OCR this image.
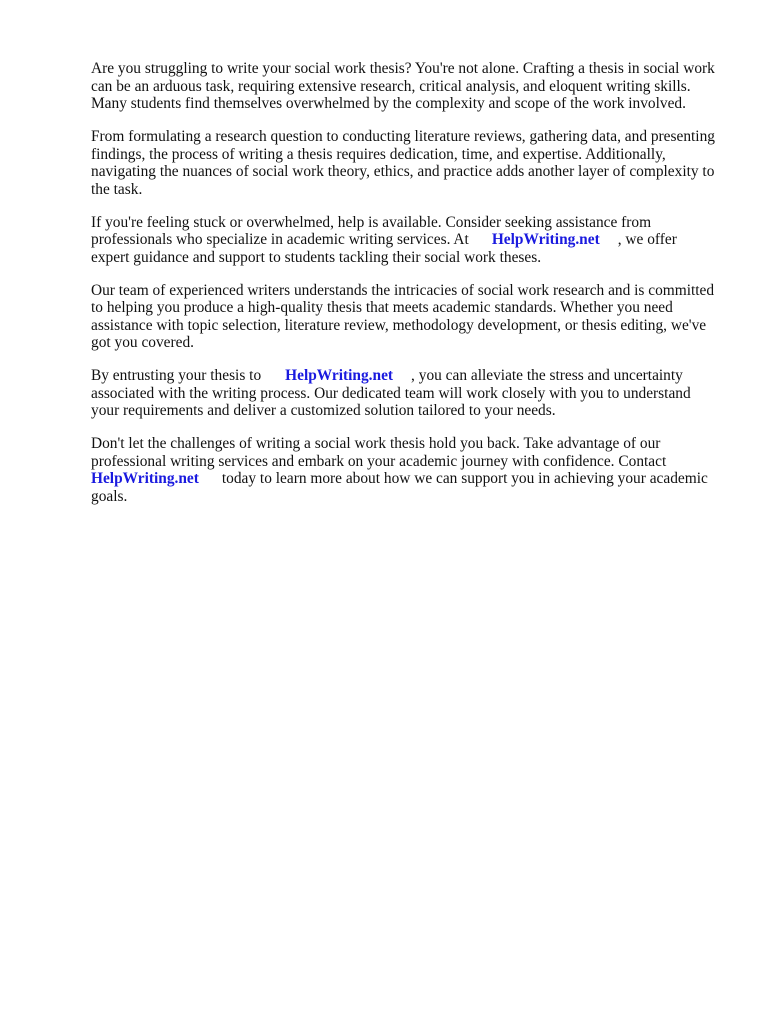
Are you struggling to write your social work thesis? You're not alone. Crafting a thesis in social work
can be an arduous task, requiring extensive research, critical analysis, and eloquent writing skills.
Many students find themselves overwhelmed by the complexity and scope of the work involved.
From formulating a research question to conducting literature reviews, gathering data, and presenting
findings, the process of writing a thesis requires dedication, time, and expertise. Additionally,
navigating the nuances of social work theory, ethics, and practice adds another layer of complexity to
the task.
If you're feeling stuck or overwhelmed, help is available. Consider seeking assistance from
professionals who specialize in academic writing services. At HelpWriting.net , we offer
expert guidance and support to students tackling their social work theses.
Our team of experienced writers understands the intricacies of social work research and is committed
to helping you produce a high-quality thesis that meets academic standards. Whether you need
assistance with topic selection, literature review, methodology development, or thesis editing, we've
got you covered.
By entrusting your thesis to HelpWriting.net , you can alleviate the stress and uncertainty
associated with the writing process. Our dedicated team will work closely with you to understand
your requirements and deliver a customized solution tailored to your needs.
Don't let the challenges of writing a social work thesis hold you back. Take advantage of our
professional writing services and embark on your academic journey with confidence. Contact
HelpWriting.net today to learn more about how we can support you in achieving your academic
goals.
